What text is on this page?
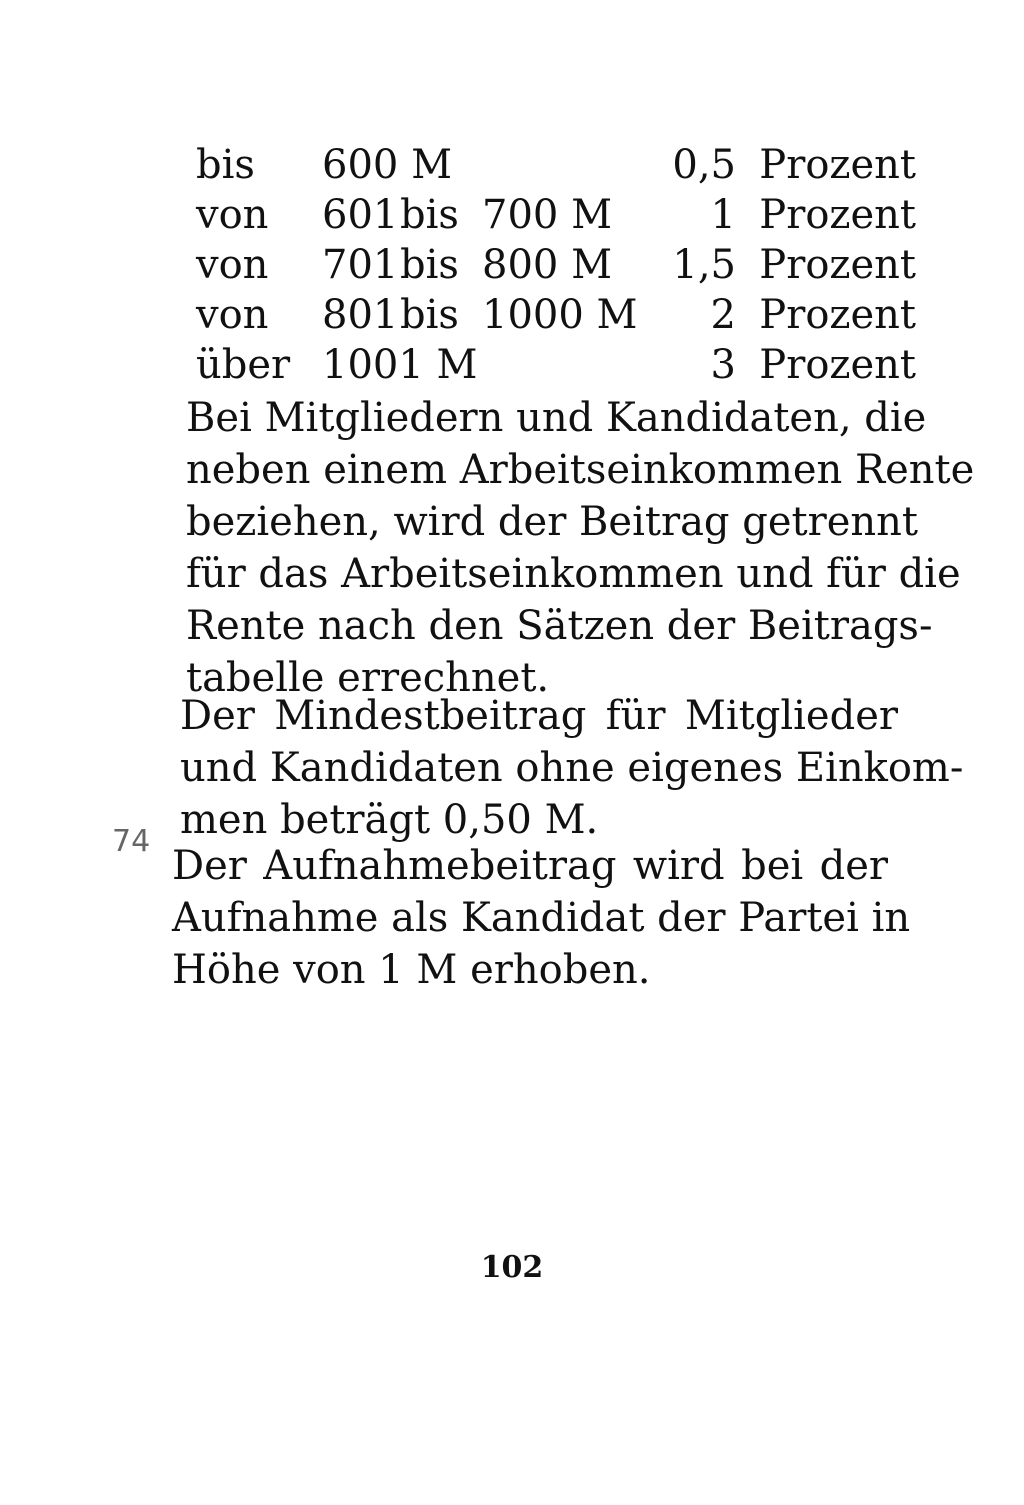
bis 600 M	0,5 Prozent
von 601 bis 700 M	1 Prozent
von 701 bis 800 M 1,5 Prozent
von 801 bis 1000 M	2 Prozent
über 1001 M	3 Prozent

Bei Mitgliedern und Kandidaten, die
neben einem Arbeitseinkommen Rente
beziehen, wird der Beitrag getrennt
für das Arbeitseinkommen und für die
Rente nach den Sätzen der Beitrags-
tabelle errechnet.

Der Mindestbeitrag für Mitglieder
und Kandidaten ohne eigenes Einkom-
men beträgt 0,50 M.

74

Der Aufnahmebeitrag wird bei der
Aufnahme als Kandidat der Partei in
Höhe von 1 M erhoben.

102
